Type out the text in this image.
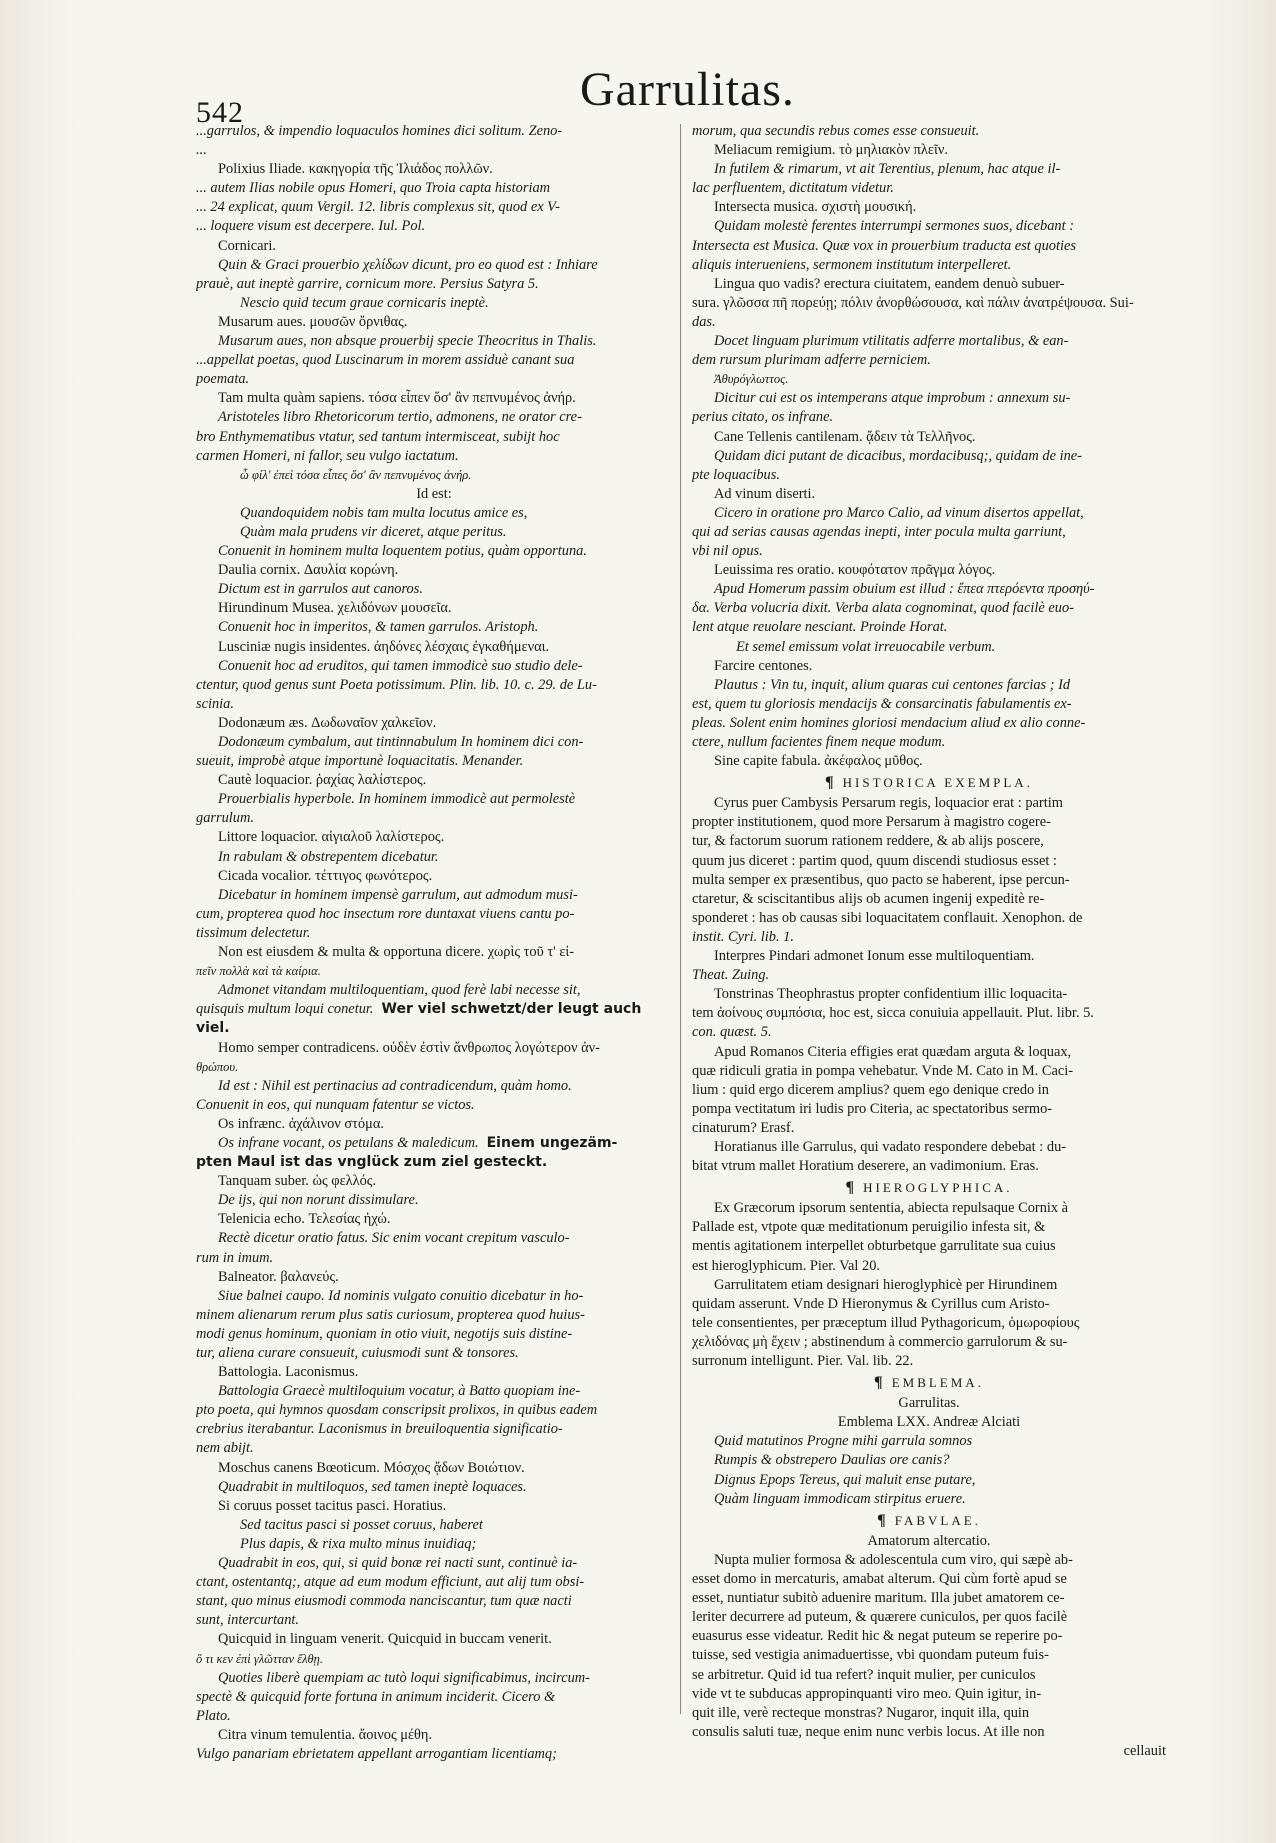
542	Garrulitas.
...garrulos, & impendio loquaculos homines dici solitum. Zeno-
...
Polixius Iliade. κακηγορία τῆς Ἰλιάδος πολλῶν.
... autem Ilias nobile opus Homeri, quo Troia capta historiam
... 24 explicat, quum Vergil. 12. libris complexus sit, quod ex V-
... loquere visum est decerpere. Iul. Pol.
Cornicari.
Quin & Graci prouerbio χελίδων dicunt, pro eo quod est : Inhiare
prauè, aut ineptè garrire, cornicum more. Persius Satyra 5.
Nescio quid tecum graue cornicaris ineptè.
Musarum aues. μουσῶν ὄρνιθας.
Musarum aues, non absque prouerbij specie Theocritus in Thalis.
...appellat poetas, quod Luscinarum in morem assiduè canant sua
poemata.
Tam multa quàm sapiens. τόσα εἶπεν ὅσ' ἂν πεπνυμένος ἀνήρ.
Aristoteles libro Rhetoricorum tertio, admonens, ne orator cre-
bro Enthymematibus vtatur, sed tantum intermisceat, subijt hoc
carmen Homeri, ni fallor, seu vulgo iactatum.
ὦ φίλ' ἐπεὶ τόσα εἶπες ὅσ' ἂν πεπνυμένος ἀνήρ.
Id est:
Quandoquidem nobis tam multa locutus amice es,
Quàm mala prudens vir diceret, atque peritus.
Conuenit in hominem multa loquentem potius, quàm opportuna.
Daulia cornix. Δαυλία κορώνη.
Dictum est in garrulos aut canoros.
Hirundinum Musea. χελιδόνων μουσεῖα.
Conuenit hoc in imperitos, & tamen garrulos. Aristoph.
Lusciniæ nugis insidentes. ἀηδόνες λέσχαις ἐγκαθήμεναι.
Conuenit hoc ad eruditos, qui tamen immodicè suo studio dele-
ctentur, quod genus sunt Poeta potissimum. Plin. lib. 10. c. 29. de Lu-
scinia.
Dodonæum æs. Δωδωναῖον χαλκεῖον.
Dodonæum cymbalum, aut tintinnabulum In hominem dici con-
sueuit, improbè atque importunè loquacitatis. Menander.
Cautè loquacior. ῥαχίας λαλίστερος.
Prouerbialis hyperbole. In hominem immodicè aut permolestè
garrulum.
Littore loquacior. αἰγιαλοῦ λαλίστερος.
In rabulam & obstrepentem dicebatur.
Cicada vocalior. τέττιγος φωνότερος.
Dicebatur in hominem impensè garrulum, aut admodum musi-
cum, propterea quod hoc insectum rore duntaxat viuens cantu po-
tissimum delectetur.
Non est eiusdem & multa & opportuna dicere. χωρὶς τοῦ τ' εἰ-
πεῖν πολλὰ καὶ τὰ καίρια.
Admonet vitandam multiloquentiam, quod ferè labi necesse sit,
quisquis multum loqui conetur. Wer viel schwetzt/der leugt auch
viel.
Homo semper contradicens. οὐδὲν ἐστὶν ἄνθρωπος λογώτερον ἀν-
θρώπου.
Id est : Nihil est pertinacius ad contradicendum, quàm homo.
Conuenit in eos, qui nunquam fatentur se victos.
Os infrænc. ἀχάλινον στόμα.
Os infrane vocant, os petulans & maledicum. Einem ungezäm-
pten Maul ist das vnglück zum ziel gesteckt.
Tanquam suber. ὡς φελλός.
De ijs, qui non norunt dissimulare.
Telenicia echo. Τελεσίας ἠχώ.
Rectè dicetur oratio fatus. Sic enim vocant crepitum vasculo-
rum in imum.
Balneator. βαλανεύς.
Siue balnei caupo. Id nominis vulgato conuitio dicebatur in ho-
minem alienarum rerum plus satis curiosum, propterea quod huius-
modi genus hominum, quoniam in otio viuit, negotijs suis distine-
tur, aliena curare consueuit, cuiusmodi sunt & tonsores.
Battologia. Laconismus.
Battologia Graecè multiloquium vocatur, à Batto quopiam ine-
pto poeta, qui hymnos quosdam conscripsit prolixos, in quibus eadem
crebrius iterabantur. Laconismus in breuiloquentia significatio-
nem abijt.
Moschus canens Bœoticum. Μόσχος ᾄδων Βοιώτιον.
Quadrabit in multiloquos, sed tamen ineptè loquaces.
Si coruus posset tacitus pasci. Horatius.
Sed tacitus pasci si posset coruus, haberet
Plus dapis, & rixa multo minus inuidiaq;
Quadrabit in eos, qui, si quid bonæ rei nacti sunt, continuè ia-
ctant, ostentantq;, atque ad eum modum efficiunt, aut alij tum obsi-
stant, quo minus eiusmodi commoda nanciscantur, tum quæ nacti
sunt, intercurtant.
Quicquid in linguam venerit. Quicquid in buccam venerit.
ὅ τι κεν ἐπὶ γλῶτταν ἔλθῃ.
Quoties liberè quempiam ac tutò loqui significabimus, incircum-
spectè & quicquid forte fortuna in animum inciderit. Cicero &
Plato.
Citra vinum temulentia. ἄοινος μέθη.
Vulgo panariam ebrietatem appellant arrogantiam licentiamq;
morum, qua secundis rebus comes esse consueuit.
Meliacum remigium. τὸ μηλιακὸν πλεῖν.
In futilem & rimarum, vt ait Terentius, plenum, hac atque il-
lac perfluentem, dictitatum videtur.
Intersecta musica. σχιστὴ μουσική.
Quidam molestè ferentes interrumpi sermones suos, dicebant :
Intersecta est Musica. Quæ vox in prouerbium traducta est quoties
aliquis interueniens, sermonem institutum interpelleret.
Lingua quo vadis? erectura ciuitatem, eandem denuò subuer-
sura. γλῶσσα πῆ πορεύῃ; πόλιν ἀνορθώσουσα, καὶ πάλιν ἀνατρέψουσα. Sui-
das.
Docet linguam plurimum vtilitatis adferre mortalibus, & ean-
dem rursum plurimam adferre perniciem.
Ἀθυρόγλωττος.
Dicitur cui est os intemperans atque improbum : annexum su-
perius citato, os infrane.
Cane Tellenis cantilenam. ᾄδειν τὰ Τελλῆνος.
Quidam dici putant de dicacibus, mordacibusq;, quidam de ine-
pte loquacibus.
Ad vinum diserti.
Cicero in oratione pro Marco Calio, ad vinum disertos appellat,
qui ad serias causas agendas inepti, inter pocula multa garriunt,
vbi nil opus.
Leuissima res oratio. κουφότατον πρᾶγμα λόγος.
Apud Homerum passim obuium est illud : ἔπεα πτερόεντα προσηύ-
δα. Verba volucria dixit. Verba alata cognominat, quod facilè euo-
lent atque reuolare nesciant. Proinde Horat.
Et semel emissum volat irreuocabile verbum.
Farcire centones.
Plautus : Vin tu, inquit, alium quaras cui centones farcias ; Id
est, quem tu gloriosis mendacijs & consarcinatis fabulamentis ex-
pleas. Solent enim homines gloriosi mendacium aliud ex alio conne-
ctere, nullum facientes finem neque modum.
Sine capite fabula. ἀκέφαλος μῦθος.
¶ HISTORICA EXEMPLA.
Cyrus puer Cambysis Persarum regis, loquacior erat : partim
propter institutionem, quod more Persarum à magistro cogere-
tur, & factorum suorum rationem reddere, & ab alijs poscere,
quum jus diceret : partim quod, quum discendi studiosus esset :
multa semper ex præsentibus, quo pacto se haberent, ipse percun-
ctaretur, & sciscitantibus alijs ob acumen ingenij expeditè re-
sponderet : has ob causas sibi loquacitatem conflauit. Xenophon. de
instit. Cyri. lib. 1.
Interpres Pindari admonet Ionum esse multiloquentiam.
Theat. Zuing.
Tonstrinas Theophrastus propter confidentium illic loquacita-
tem ἀοίνους συμπόσια, hoc est, sicca conuiuia appellauit. Plut. libr. 5.
con. quæst. 5.
Apud Romanos Citeria effigies erat quædam arguta & loquax,
quæ ridiculi gratia in pompa vehebatur. Vnde M. Cato in M. Caci-
lium : quid ergo dicerem amplius? quem ego denique credo in
pompa vectitatum iri ludis pro Citeria, ac spectatoribus sermo-
cinaturum? Erasf.
Horatianus ille Garrulus, qui vadato respondere debebat : du-
bitat vtrum mallet Horatium deserere, an vadimonium. Eras.
¶ HIEROGLYPHICA.
Ex Græcorum ipsorum sententia, abiecta repulsaque Cornix à
Pallade est, vtpote quæ meditationum peruigilio infesta sit, &
mentis agitationem interpellet obturbetque garrulitate sua cuius
est hieroglyphicum. Pier. Val 20.
Garrulitatem etiam designari hieroglyphicè per Hirundinem
quidam asserunt. Vnde D Hieronymus & Cyrillus cum Aristo-
tele consentientes, per præceptum illud Pythagoricum, ὁμωροφίους
χελιδόνας μὴ ἔχειν ; abstinendum à commercio garrulorum & su-
surronum intelligunt. Pier. Val. lib. 22.
¶ EMBLEMA.
Garrulitas.
Emblema LXX. Andreæ Alciati
Quid matutinos Progne mihi garrula somnos
Rumpis & obstrepero Daulias ore canis?
Dignus Epops Tereus, qui maluit ense putare,
Quàm linguam immodicam stirpitus eruere.
¶ FABVLAE.
Amatorum altercatio.
Nupta mulier formosa & adolescentula cum viro, qui sæpè ab-
esset domo in mercaturis, amabat alterum. Qui cùm fortè apud se
esset, nuntiatur subitò aduenire maritum. Illa jubet amatorem ce-
leriter decurrere ad puteum, & quærere cuniculos, per quos facilè
euasurus esse videatur. Redit hic & negat puteum se reperire po-
tuisse, sed vestigia animaduertisse, vbi quondam puteum fuis-
se arbitretur. Quid id tua refert? inquit mulier, per cuniculos
vide vt te subducas appropinquanti viro meo. Quin igitur, in-
quit ille, verè recteque monstras? Nugaror, inquit illa, quin
consulis saluti tuæ, neque enim nunc verbis locus. At ille non
cellauit
